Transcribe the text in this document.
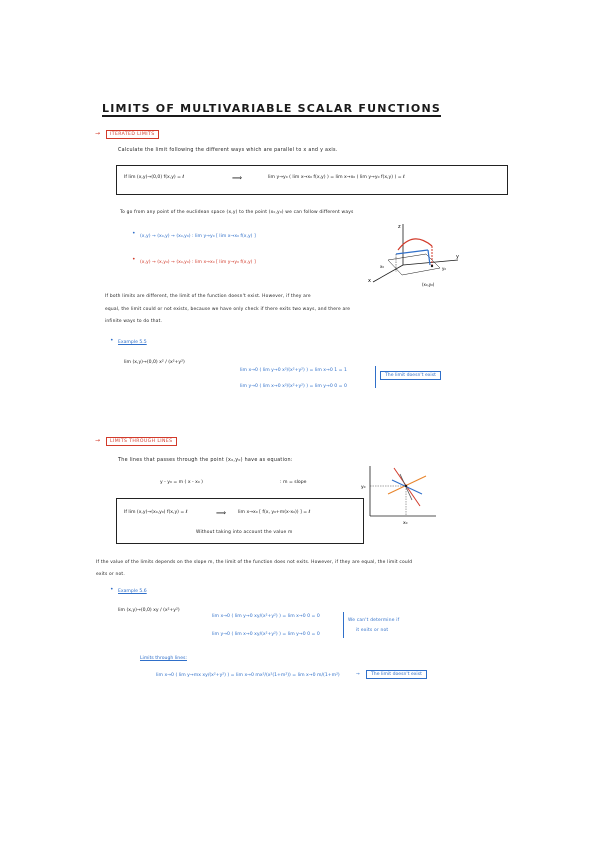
LIMITS OF MULTIVARIABLE SCALAR FUNCTIONS
→	ITERATED LIMITS
Calculate the limit following the different ways which are parallel to x and y axis.
If lim (x,y)→(0,0) f(x,y) = ℓ	⟹	lim y→y₀ ( lim x→x₀ f(x,y) ) = lim x→x₀ ( lim y→y₀ f(x,y) ) = ℓ
To go from any point of the euclidean space (x,y) to the point (x₀,y₀) we can follow different ways
• (x,y) → (x₀,y) → (x₀,y₀) : lim y→y₀ [ lim x→x₀ f(x,y) ]
• (x,y) → (x,y₀) → (x₀,y₀) : lim x→x₀ [ lim y→y₀ f(x,y) ]
z
y
x
x₀	y₀
(x₀,y₀)
If both limits are different, the limit of the function doesn't exist. However, if they are
equal, the limit could or not exists, because we have only check if there exits two ways, and there are
infinite ways to do that.
• Example 5.5
lim (x,y)→(0,0) x² / (x²+y²)
lim x→0 ( lim y→0 x²/(x²+y²) ) = lim x→0 1 = 1
lim y→0 ( lim x→0 x²/(x²+y²) ) = lim y→0 0 = 0
The limit doesn't exist
→	LIMITS THROUGH LINES
The lines that passes through the point (x₀,y₀) have as equation:
y - y₀ = m ( x - x₀ )	: m = slope
y₀
x₀
If lim (x,y)→(x₀,y₀) f(x,y) = ℓ	⟹	lim x→x₀ [ f(x, y₀+m(x-x₀)) ] = ℓ
Without taking into account the value m
If the value of the limits depends on the slope m, the limit of the function does not exits. However, if they are equal, the limit could
exits or not.
• Example 5.6
lim (x,y)→(0,0) xy / (x²+y²)
lim x→0 ( lim y→0 xy/(x²+y²) ) = lim x→0 0 = 0
lim y→0 ( lim x→0 xy/(x²+y²) ) = lim y→0 0 = 0
We can't determine if
it exits or not
Limits through lines:
lim x→0 ( lim y→mx xy/(x²+y²) ) = lim x→0 mx²/(x²(1+m²)) = lim x→0 m/(1+m²)	→	The limit doesn't exist
